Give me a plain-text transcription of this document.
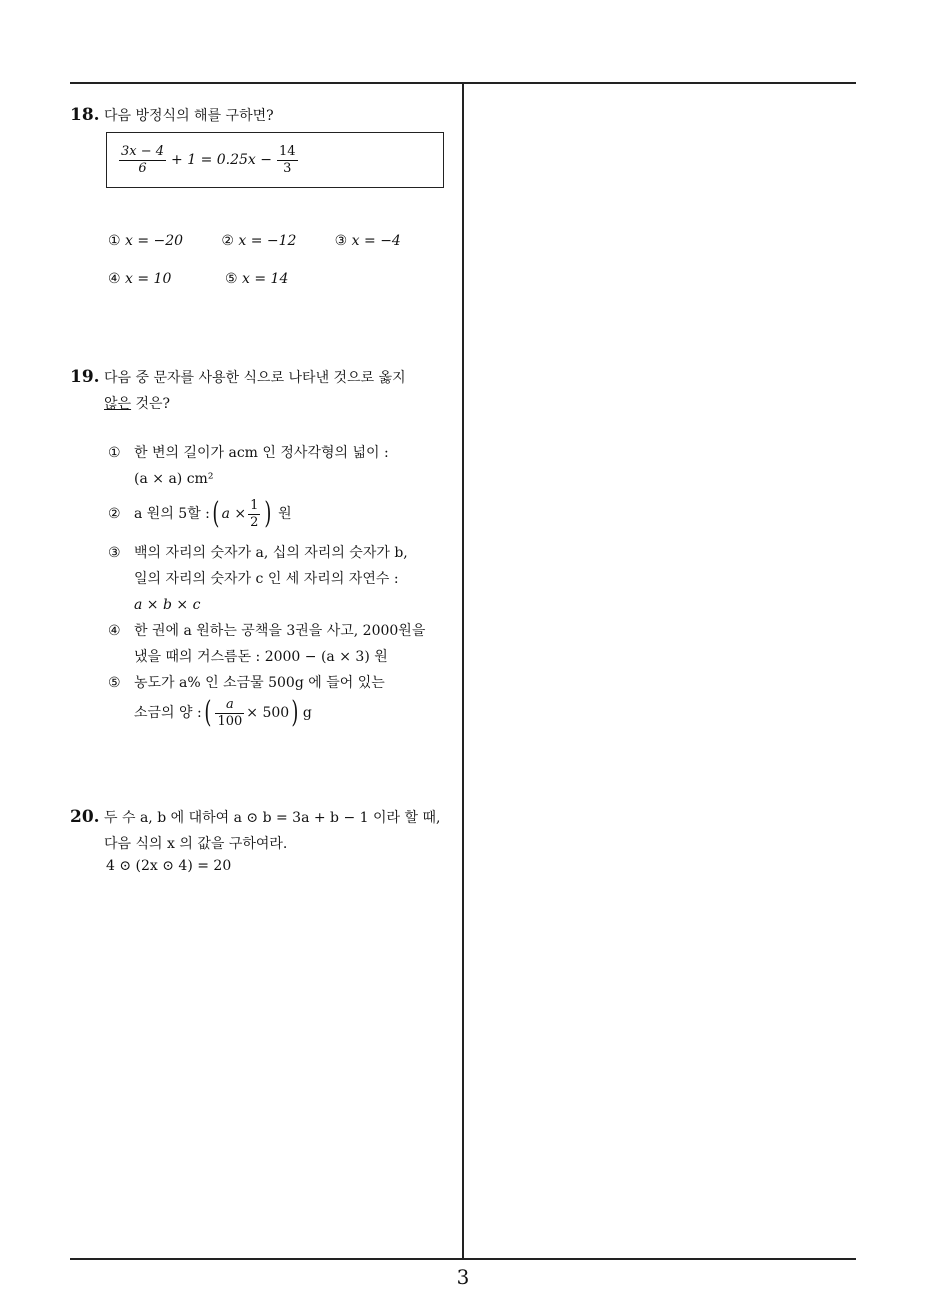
18. 다음 방정식의 해를 구하면?
$\frac{3x - 4}{6} + 1 = 0.25x - \frac{14}{3}$
① x = −20	② x = −12	③ x = −4
④ x = 10	⑤ x = 14
19. 다음 중 문자를 사용한 식으로 나타낸 것으로 옳지
않은 것은?
① 한 변의 길이가 acm 인 정사각형의 넓이 :
(a × a) cm²
② a 원의 5할 : ( $a \times \frac{1}{2}$ ) 원
③ 백의 자리의 숫자가 a, 십의 자리의 숫자가 b,
일의 자리의 숫자가 c 인 세 자리의 자연수 :
a × b × c
④ 한 권에 a 원하는 공책을 3권을 사고, 2000원을
냈을 때의 거스름돈 : 2000 − (a × 3) 원
⑤ 농도가 a% 인 소금물 500g 에 들어 있는
소금의 양 : ( $\frac{a}{100} \times 500$ ) g
20. 두 수 a, b 에 대하여 a ⊙ b = 3a + b − 1 이라 할 때,
다음 식의 x 의 값을 구하여라.
4 ⊙ (2x ⊙ 4) = 20
3
